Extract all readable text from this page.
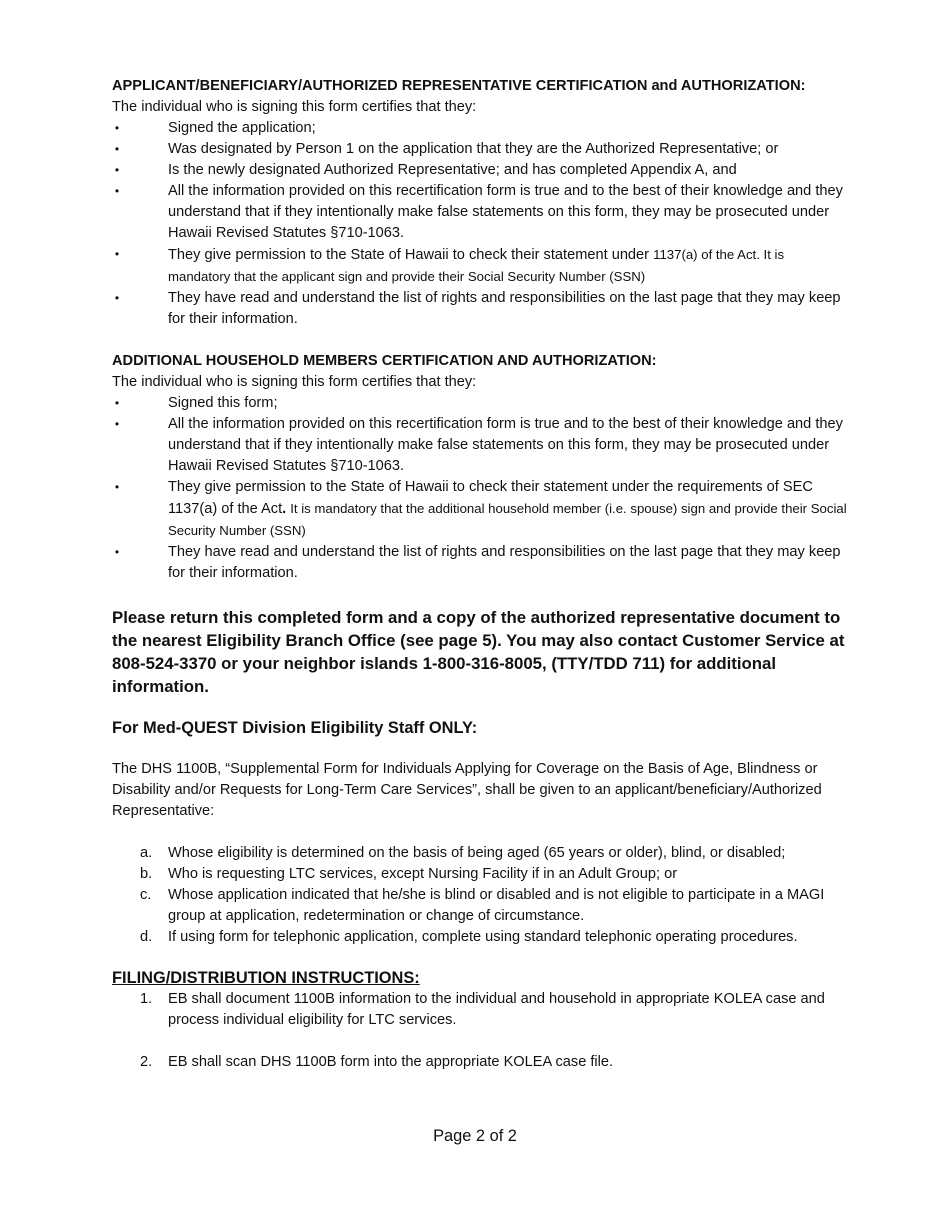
APPLICANT/BENEFICIARY/AUTHORIZED REPRESENTATIVE CERTIFICATION and AUTHORIZATION:

The individual who is signing this form certifies that they:

•	Signed the application;
•	Was designated by Person 1 on the application that they are the Authorized Representative; or
•	Is the newly designated Authorized Representative; and has completed Appendix A, and
•	All the information provided on this recertification form is true and to the best of their knowledge and they understand that if they intentionally make false statements on this form, they may be prosecuted under Hawaii Revised Statutes §710-1063.
•	They give permission to the State of Hawaii to check their statement under 1137(a) of the Act. It is mandatory that the applicant sign and provide their Social Security Number (SSN)
•	They have read and understand the list of rights and responsibilities on the last page that they may keep for their information.

ADDITIONAL HOUSEHOLD MEMBERS CERTIFICATION AND AUTHORIZATION:

The individual who is signing this form certifies that they:

•	Signed this form;
•	All the information provided on this recertification form is true and to the best of their knowledge and they understand that if they intentionally make false statements on this form, they may be prosecuted under Hawaii Revised Statutes §710-1063.
•	They give permission to the State of Hawaii to check their statement under the requirements of SEC 1137(a) of the Act. It is mandatory that the additional household member (i.e. spouse) sign and provide their Social Security Number (SSN)
•	They have read and understand the list of rights and responsibilities on the last page that they may keep for their information.

Please return this completed form and a copy of the authorized representative document to the nearest Eligibility Branch Office (see page 5). You may also contact Customer Service at 808-524-3370 or your neighbor islands 1-800-316-8005, (TTY/TDD 711) for additional information.

For Med-QUEST Division Eligibility Staff ONLY:

The DHS 1100B, “Supplemental Form for Individuals Applying for Coverage on the Basis of Age, Blindness or Disability and/or Requests for Long-Term Care Services”, shall be given to an applicant/beneficiary/Authorized Representative:

a. Whose eligibility is determined on the basis of being aged (65 years or older), blind, or disabled;
b. Who is requesting LTC services, except Nursing Facility if in an Adult Group; or
c. Whose application indicated that he/she is blind or disabled and is not eligible to participate in a MAGI group at application, redetermination or change of circumstance.
d. If using form for telephonic application, complete using standard telephonic operating procedures.

FILING/DISTRIBUTION INSTRUCTIONS:

1. EB shall document 1100B information to the individual and household in appropriate KOLEA case and process individual eligibility for LTC services.
2. EB shall scan DHS 1100B form into the appropriate KOLEA case file.
Page 2 of 2
